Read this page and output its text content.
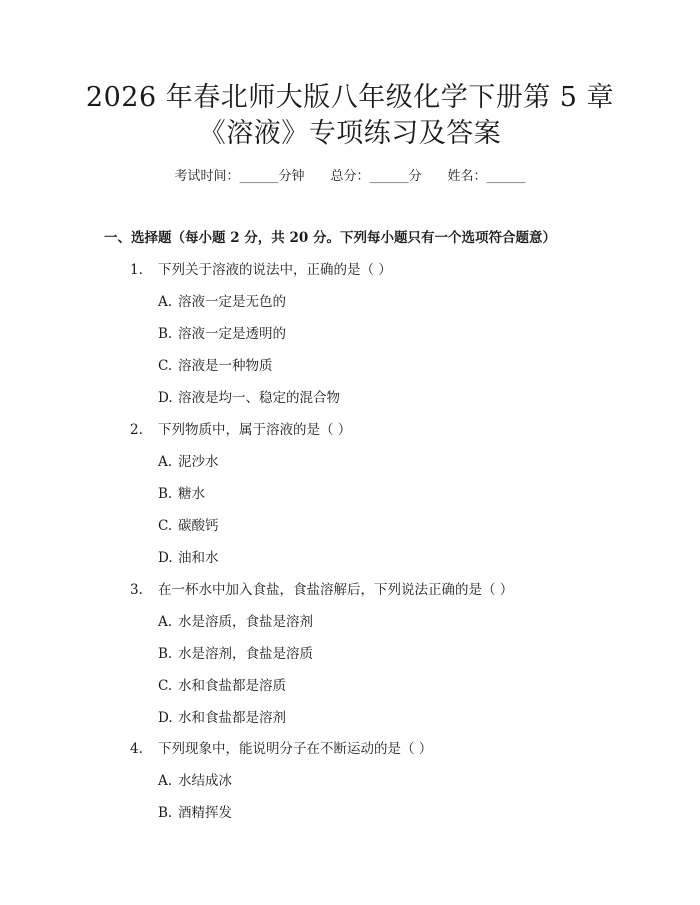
2026 年春北师大版八年级化学下册第 5 章
《溶液》专项练习及答案
考试时间：______分钟 总分：______分 姓名：______
一、选择题（每小题 2 分，共 20 分。下列每小题只有一个选项符合题意）
1. 下列关于溶液的说法中，正确的是（ ）
A. 溶液一定是无色的
B. 溶液一定是透明的
C. 溶液是一种物质
D. 溶液是均一、稳定的混合物
2. 下列物质中，属于溶液的是（ ）
A. 泥沙水
B. 糖水
C. 碳酸钙
D. 油和水
3. 在一杯水中加入食盐，食盐溶解后，下列说法正确的是（ ）
A. 水是溶质，食盐是溶剂
B. 水是溶剂，食盐是溶质
C. 水和食盐都是溶质
D. 水和食盐都是溶剂
4. 下列现象中，能说明分子在不断运动的是（ ）
A. 水结成冰
B. 酒精挥发
